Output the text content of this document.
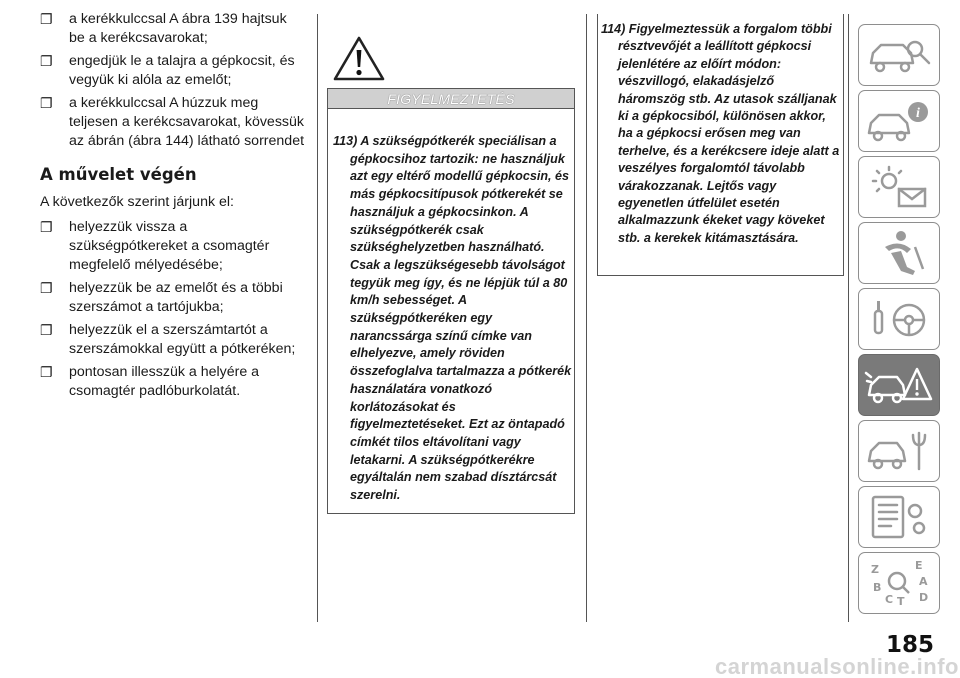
❐ a kerékkulccsal A ábra 139 hajtsuk be a kerékcsavarokat;
❐ engedjük le a talajra a gépkocsit, és vegyük ki alóla az emelőt;
❐ a kerékkulccsal A húzzuk meg teljesen a kerékcsavarokat, kövessük az ábrán (ábra 144) látható sorrendet
A művelet végén
A következők szerint járjunk el:
❐ helyezzük vissza a szükségpótkereket a csomagtér megfelelő mélyedésébe;
❐ helyezzük be az emelőt és a többi szerszámot a tartójukba;
❐ helyezzük el a szerszámtartót a szerszámokkal együtt a pótkeréken;
❐ pontosan illesszük a helyére a csomagtér padlóburkolatát.
FIGYELMEZTETÉS
113) A szükségpótkerék speciálisan a gépkocsihoz tartozik: ne használjuk azt egy eltérő modellű gépkocsin, és más gépkocsitípusok pótkerekét se használjuk a gépkocsinkon. A szükségpótkerék csak szükséghelyzetben használható. Csak a legszükségesebb távolságot tegyük meg így, és ne lépjük túl a 80 km/h sebességet. A szükségpótkeréken egy narancssárga színű címke van elhelyezve, amely röviden összefoglalva tartalmazza a pótkerék használatára vonatkozó korlátozásokat és figyelmeztetéseket. Ezt az öntapadó címkét tilos eltávolítani vagy letakarni. A szükségpótkerékre egyáltalán nem szabad dísztárcsát szerelni.
114) Figyelmeztessük a forgalom többi résztvevőjét a leállított gépkocsi jelenlétére az előírt módon: vészvillogó, elakadásjelző háromszög stb. Az utasok szálljanak ki a gépkocsiból, különösen akkor, ha a gépkocsi erősen meg van terhelve, és a kerékcsere ideje alatt a veszélyes forgalomtól távolabb várakozzanak. Lejtős vagy egyenetlen útfelület esetén alkalmazzunk ékeket vagy köveket stb. a kerekek kitámasztására.
i
Z	E
A
B
C T D
185
carmanualsonline.info
